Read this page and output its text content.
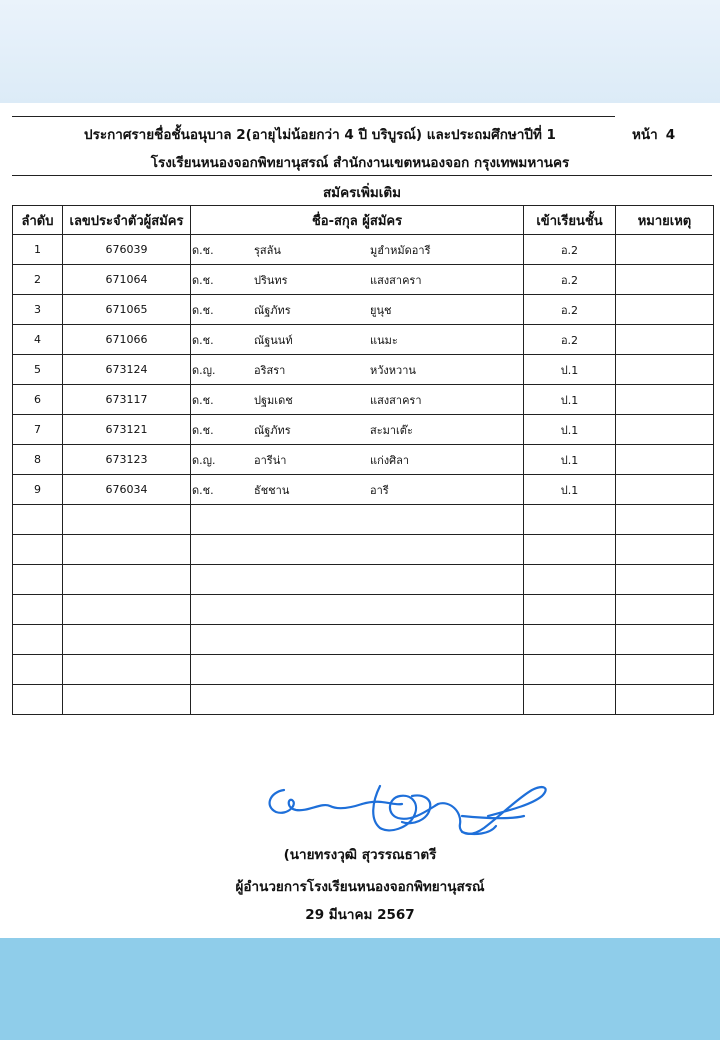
ประกาศรายชื่อชั้นอนุบาล 2(อายุไม่น้อยกว่า 4 ปี บริบูรณ์) และประถมศึกษาปีที่ 1	หน้า 4
โรงเรียนหนองจอกพิทยานุสรณ์ สำนักงานเขตหนองจอก กรุงเทพมหานคร
สมัครเพิ่มเติม
ลำดับ	เลขประจำตัวผู้สมัคร	ชื่อ-สกุล ผู้สมัคร	เข้าเรียนชั้น	หมายเหตุ
1	676039	ด.ช. รุสลัน มูฮำหมัดอารี	อ.2	
2	671064	ด.ช. ปรินทร แสงสาครา	อ.2	
3	671065	ด.ช. ณัฐภัทร ยูนุช	อ.2	
4	671066	ด.ช. ณัฐนนท์ แนมะ	อ.2	
5	673124	ด.ญ. อริสรา หวังหวาน	ป.1	
6	673117	ด.ช. ปฐมเดช แสงสาครา	ป.1	
7	673121	ด.ช. ณัฐภัทร สะมาเต๊ะ	ป.1	
8	673123	ด.ญ. อารีน่า แก่งศิลา	ป.1	
9	676034	ด.ช. ธัชชาน อารี	ป.1	

(นายทรงวุฒิ สุวรรณธาตรี
ผู้อำนวยการโรงเรียนหนองจอกพิทยานุสรณ์
29 มีนาคม 2567
